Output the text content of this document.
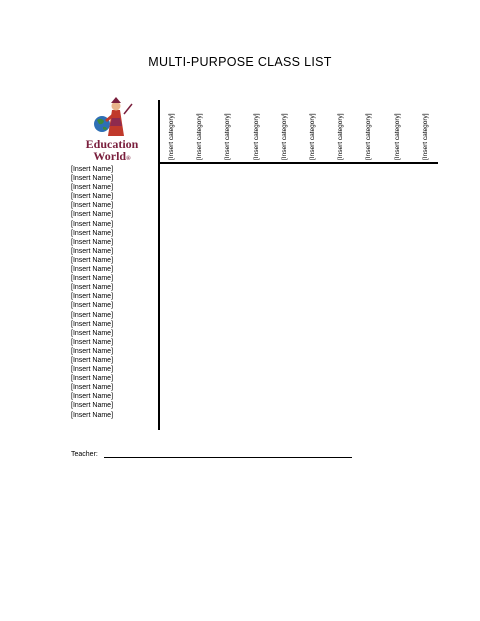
MULTI-PURPOSE CLASS LIST
Education
World®	[Insert category]	[Insert category]	[Insert category]	[Insert category]	[Insert category]	[Insert category]	[Insert category]	[Insert category]	[Insert category]	[Insert category]
[Insert Name]
[Insert Name]
[Insert Name]
[Insert Name]
[Insert Name]
[Insert Name]
[Insert Name]
[Insert Name]
[Insert Name]
[Insert Name]
[Insert Name]
[Insert Name]
[Insert Name]
[Insert Name]
[Insert Name]
[Insert Name]
[Insert Name]
[Insert Name]
[Insert Name]
[Insert Name]
[Insert Name]
[Insert Name]
[Insert Name]
[Insert Name]
[Insert Name]
[Insert Name]
[Insert Name]
[Insert Name]
Teacher:
